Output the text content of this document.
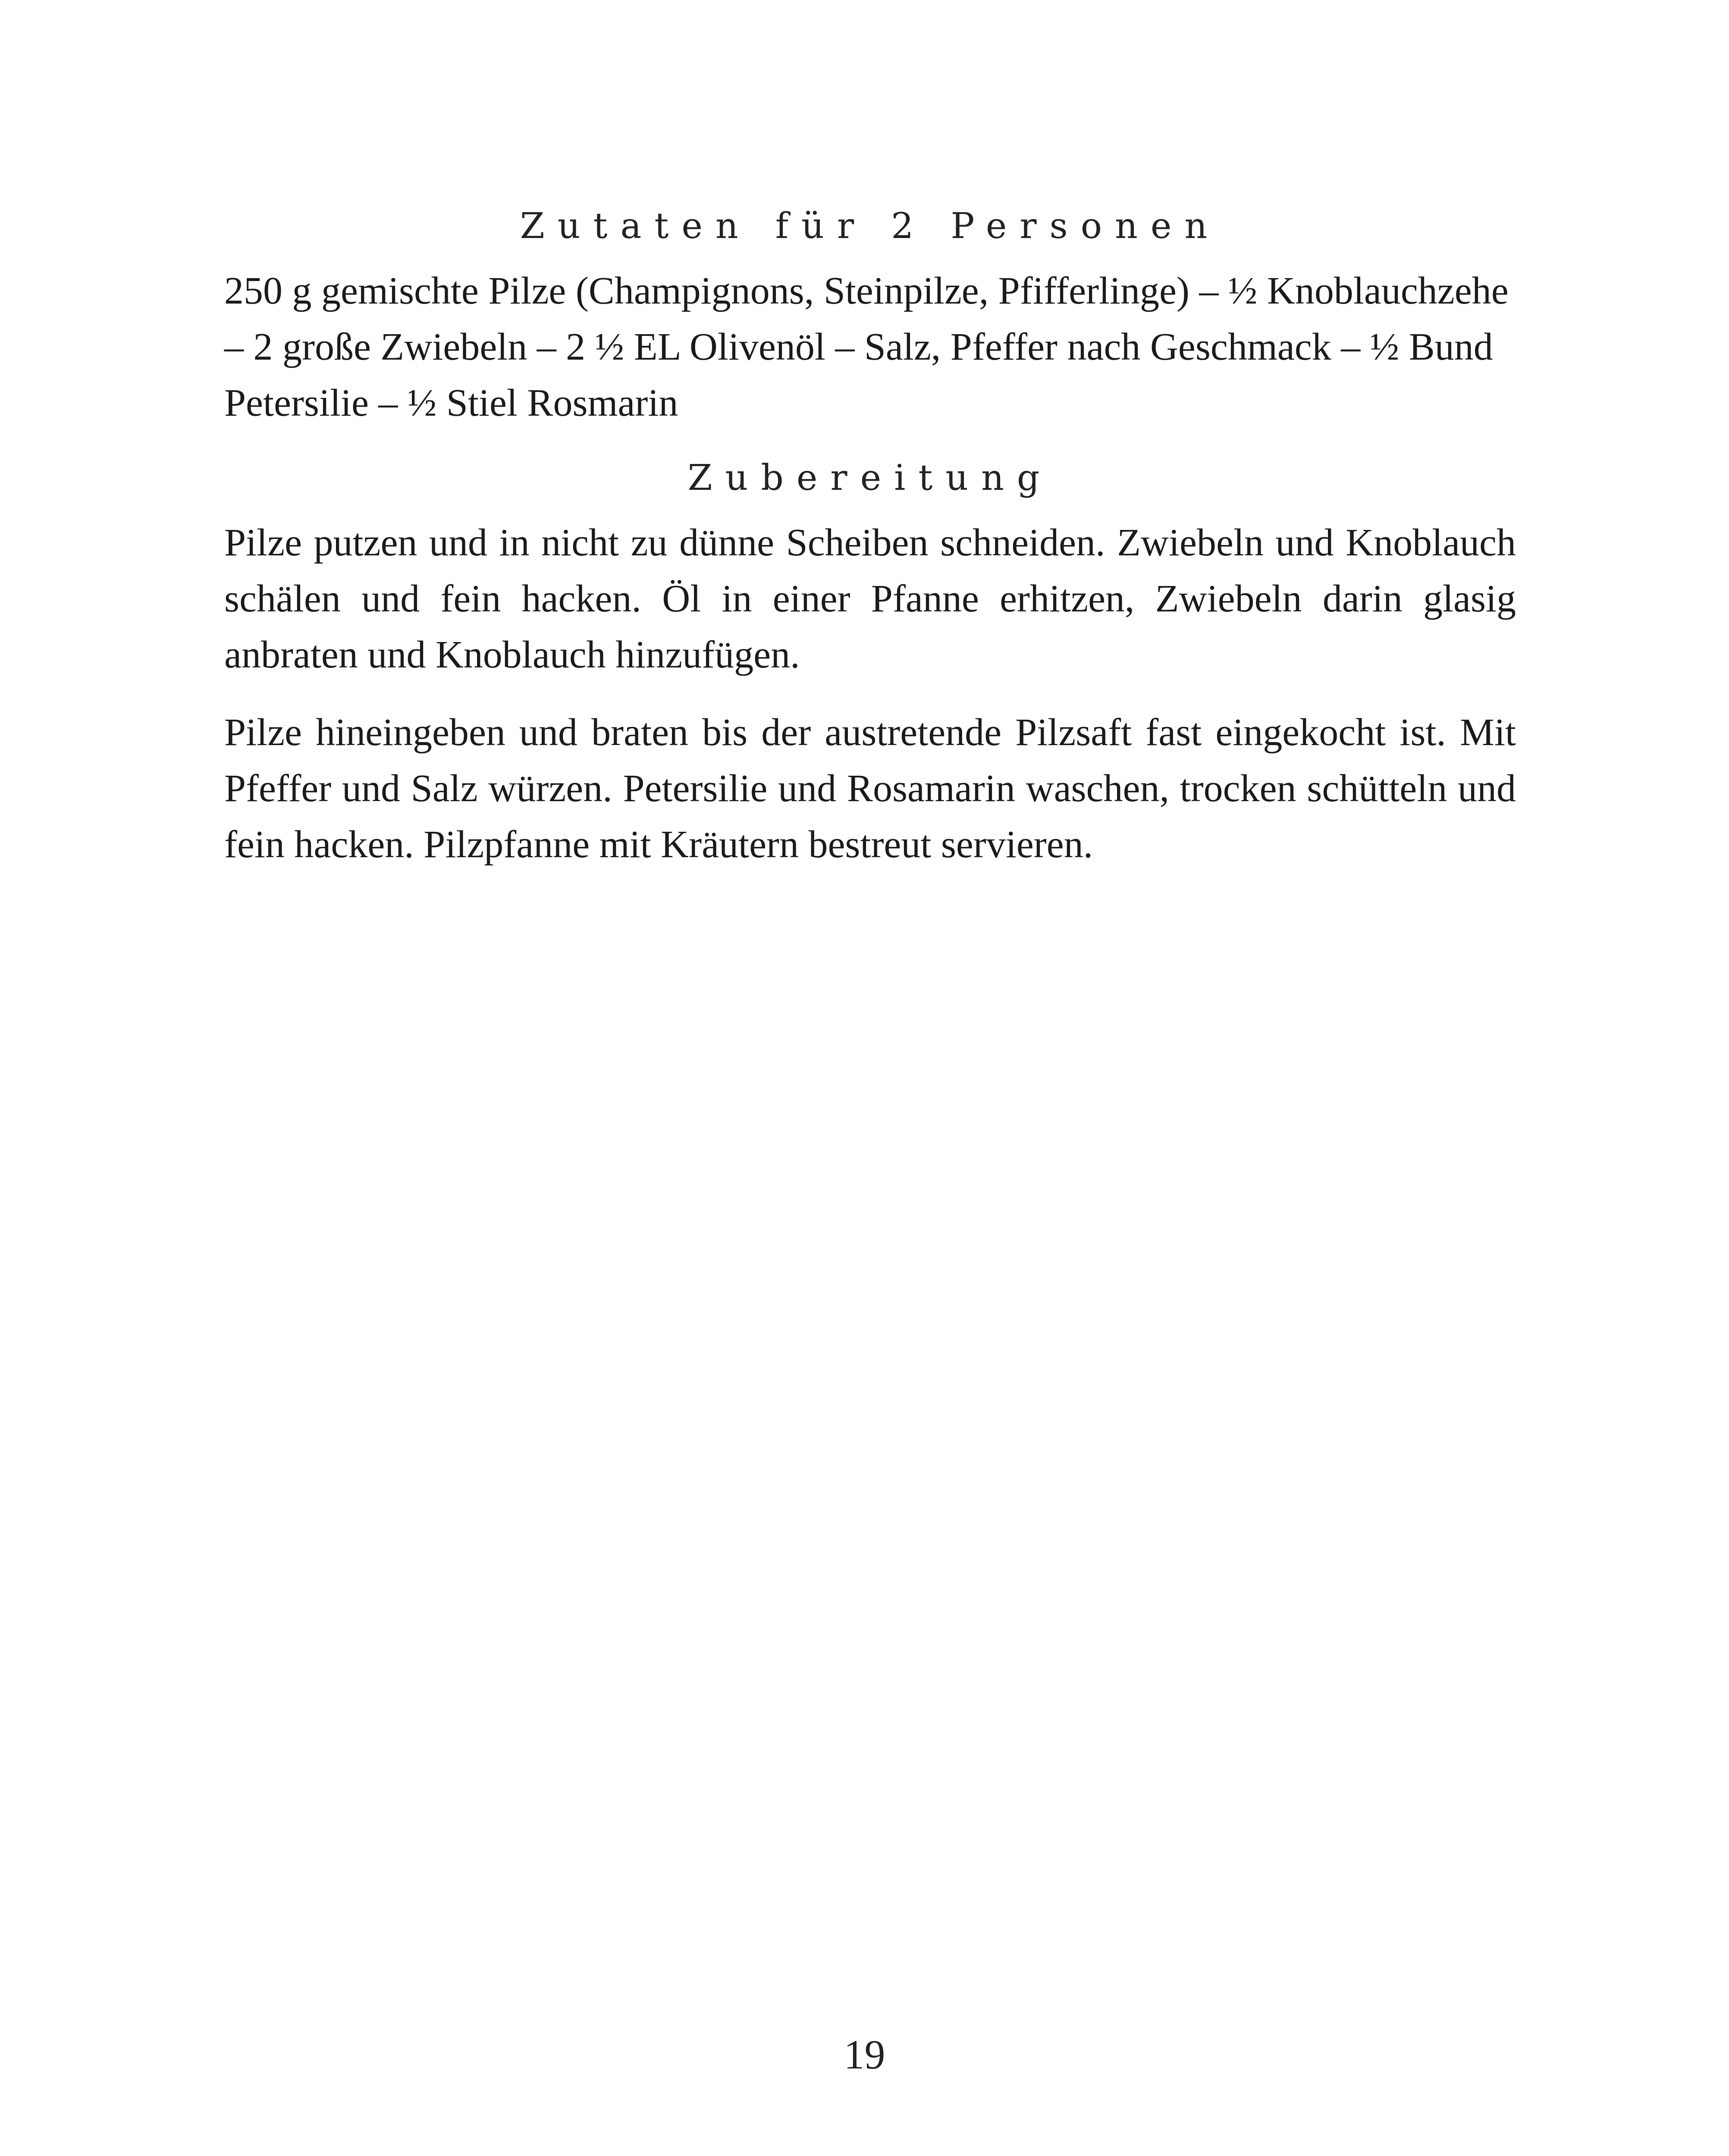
Zutaten für 2 Personen

250 g gemischte Pilze (Champignons, Steinpilze, Pfifferlinge) – ½ Knoblauchzehe – 2 große Zwiebeln – 2 ½ EL Olivenöl – Salz, Pfeffer nach Geschmack – ½ Bund Petersilie – ½ Stiel Rosmarin

Zubereitung

Pilze putzen und in nicht zu dünne Scheiben schneiden. Zwiebeln und Knoblauch schälen und fein hacken. Öl in einer Pfanne erhitzen, Zwiebeln darin glasig anbraten und Knoblauch hinzufügen.

Pilze hineingeben und braten bis der austretende Pilzsaft fast eingekocht ist. Mit Pfeffer und Salz würzen. Petersilie und Rosamarin waschen, trocken schütteln und fein hacken. Pilzpfanne mit Kräutern bestreut servieren.

19
